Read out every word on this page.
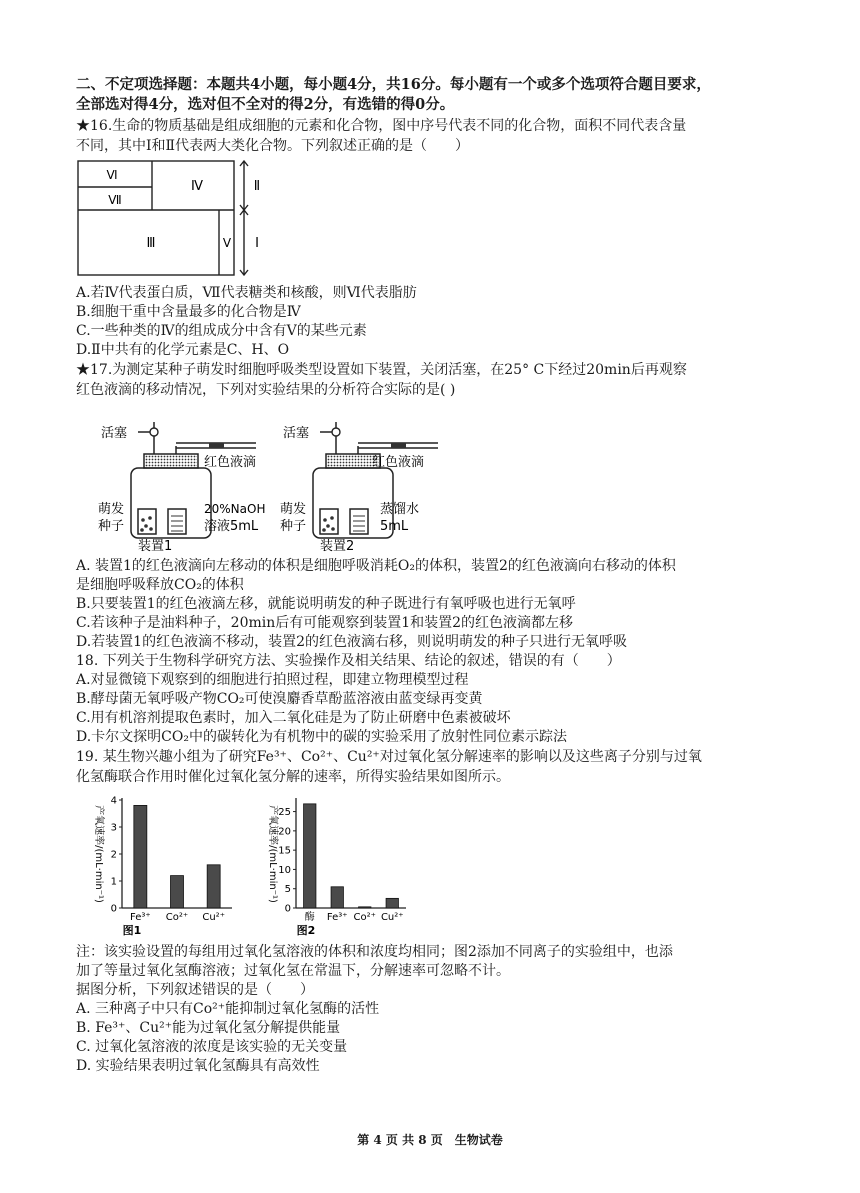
二、不定项选择题：本题共4小题，每小题4分，共16分。每小题有一个或多个选项符合题目要求，
全部选对得4分，选对但不全对的得2分，有选错的得0分。
★16.生命的物质基础是组成细胞的元素和化合物，图中序号代表不同的化合物，面积不同代表含量
不同，其中Ⅰ和Ⅱ代表两大类化合物。下列叙述正确的是（　　）
Ⅵ
Ⅶ
Ⅳ
Ⅲ	Ⅴ
Ⅱ
Ⅰ
A.若Ⅳ代表蛋白质，Ⅶ代表糖类和核酸，则Ⅵ代表脂肪
B.细胞干重中含量最多的化合物是Ⅳ
C.一些种类的Ⅳ的组成成分中含有Ⅴ的某些元素
D.Ⅱ中共有的化学元素是C、H、O
★17.为测定某种子萌发时细胞呼吸类型设置如下装置，关闭活塞，在25° C下经过20min后再观察
红色液滴的移动情况，下列对实验结果的分析符合实际的是( )
活塞
红色液滴
萌发
种子
20%NaOH
溶液5mL
装置1
活塞
红色液滴
萌发
种子
蒸馏水
5mL
装置2
A. 装置1的红色液滴向左移动的体积是细胞呼吸消耗O₂的体积，装置2的红色液滴向右移动的体积
是细胞呼吸释放CO₂的体积
B.只要装置1的红色液滴左移，就能说明萌发的种子既进行有氧呼吸也进行无氧呼
C.若该种子是油料种子，20min后有可能观察到装置1和装置2的红色液滴都左移
D.若装置1的红色液滴不移动，装置2的红色液滴右移，则说明萌发的种子只进行无氧呼吸
18. 下列关于生物科学研究方法、实验操作及相关结果、结论的叙述，错误的有（　　）
A.对显微镜下观察到的细胞进行拍照过程，即建立物理模型过程
B.酵母菌无氧呼吸产物CO₂可使溴麝香草酚蓝溶液由蓝变绿再变黄
C.用有机溶剂提取色素时，加入二氧化硅是为了防止研磨中色素被破坏
D.卡尔文探明CO₂中的碳转化为有机物中的碳的实验采用了放射性同位素示踪法
19. 某生物兴趣小组为了研究Fe³⁺、Co²⁺、Cu²⁺对过氧化氢分解速率的影响以及这些离子分别与过氧
化氢酶联合作用时催化过氧化氢分解的速率，所得实验结果如图所示。
0
1
2
3
4
产氧速率/(mL·min⁻¹)
Fe³⁺ Co²⁺ Cu²⁺
图1
0
5
10
15
20
25
产氧速率/(mL·min⁻¹)
酶 Fe³⁺ Co²⁺ Cu²⁺
图2
注：该实验设置的每组用过氧化氢溶液的体积和浓度均相同；图2添加不同离子的实验组中，也添
加了等量过氧化氢酶溶液；过氧化氢在常温下，分解速率可忽略不计。
据图分析，下列叙述错误的是（　　）
A. 三种离子中只有Co²⁺能抑制过氧化氢酶的活性
B. Fe³⁺、Cu²⁺能为过氧化氢分解提供能量
C. 过氧化氢溶液的浓度是该实验的无关变量
D. 实验结果表明过氧化氢酶具有高效性
第 4 页 共 8 页　生物试卷
